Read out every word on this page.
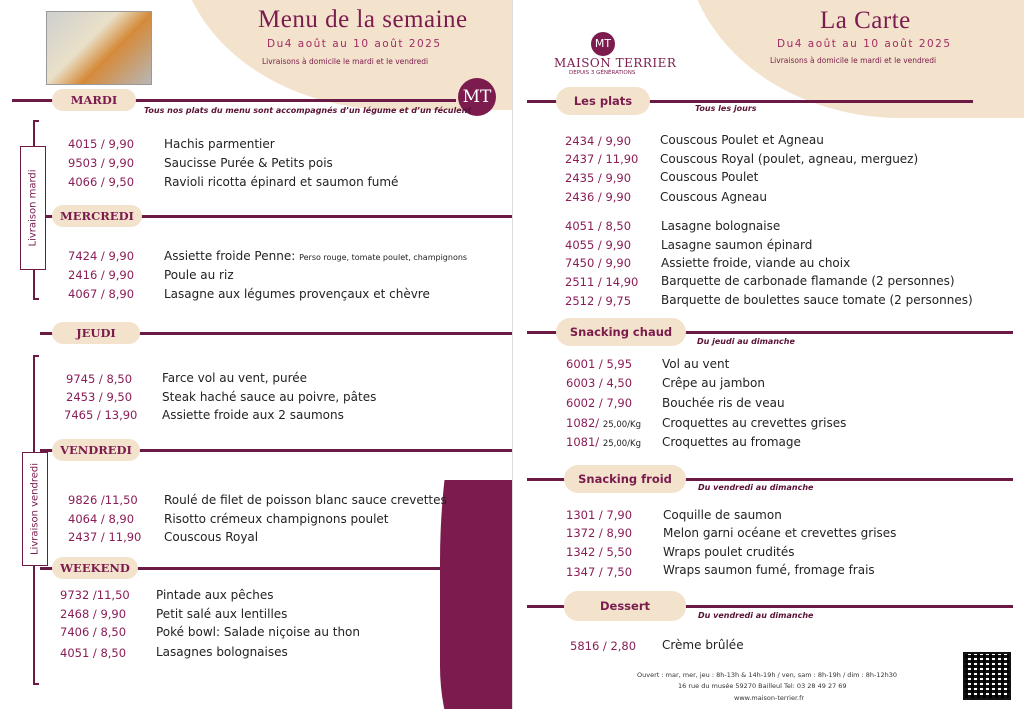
Menu de la semaine
Du4 août au 10 août 2025
Livraisons à domicile le mardi et le vendredi
MT
MARDI
Tous nos plats du menu sont accompagnés d’un légume et d’un féculent
4015 / 9,90 Hachis parmentier
9503 / 9,90 Saucisse Purée & Petits pois
4066 / 9,50 Ravioli ricotta épinard et saumon fumé
MERCREDI
7424 / 9,90 Assiette froide Penne: Perso rouge, tomate poulet, champignons
2416 / 9,90 Poule au riz
4067 / 8,90 Lasagne aux légumes provençaux et chèvre
Livraison mardi
JEUDI
9745 / 8,50 Farce vol au vent, purée
2453 / 9,50 Steak haché sauce au poivre, pâtes
7465 / 13,90 Assiette froide aux 2 saumons
VENDREDI
9826 /11,50 Roulé de filet de poisson blanc sauce crevettes
4064 / 8,90 Risotto crémeux champignons poulet
2437 / 11,90 Couscous Royal
WEEKEND
9732 /11,50 Pintade aux pêches
2468 / 9,90 Petit salé aux lentilles
7406 / 8,50 Poké bowl: Salade niçoise au thon
4051 / 8,50 Lasagnes bolognaises
Livraison vendredi
MT
MAISON TERRIER
DEPUIS 3 GÉNÉRATIONS
La Carte
Du4 août au 10 août 2025
Livraisons à domicile le mardi et le vendredi
Les plats
Tous les jours
2434 / 9,90 Couscous Poulet et Agneau
2437 / 11,90 Couscous Royal (poulet, agneau, merguez)
2435 / 9,90 Couscous Poulet
2436 / 9,90 Couscous Agneau
4051 / 8,50 Lasagne bolognaise
4055 / 9,90 Lasagne saumon épinard
7450 / 9,90 Assiette froide, viande au choix
2511 / 14,90 Barquette de carbonade flamande (2 personnes)
2512 / 9,75 Barquette de boulettes sauce tomate (2 personnes)
Snacking chaud
Du jeudi au dimanche
6001 / 5,95 Vol au vent
6003 / 4,50 Crêpe au jambon
6002 / 7,90 Bouchée ris de veau
1082/ 25,00/Kg Croquettes au crevettes grises
1081/ 25,00/Kg Croquettes au fromage
Snacking froid
Du vendredi au dimanche
1301 / 7,90	Coquille de saumon
1372 / 8,90	Melon garni océane et crevettes grises
1342 / 5,50	Wraps poulet crudités
1347 / 7,50	Wraps saumon fumé, fromage frais
Dessert
Du vendredi au dimanche
5816 / 2,80 Crème brûlée
Ouvert : mar, mer, jeu : 8h-13h & 14h-19h / ven, sam : 8h-19h / dim : 8h-12h30
16 rue du musée 59270 Bailleul Tel: 03 28 49 27 69
www.maison-terrier.fr
